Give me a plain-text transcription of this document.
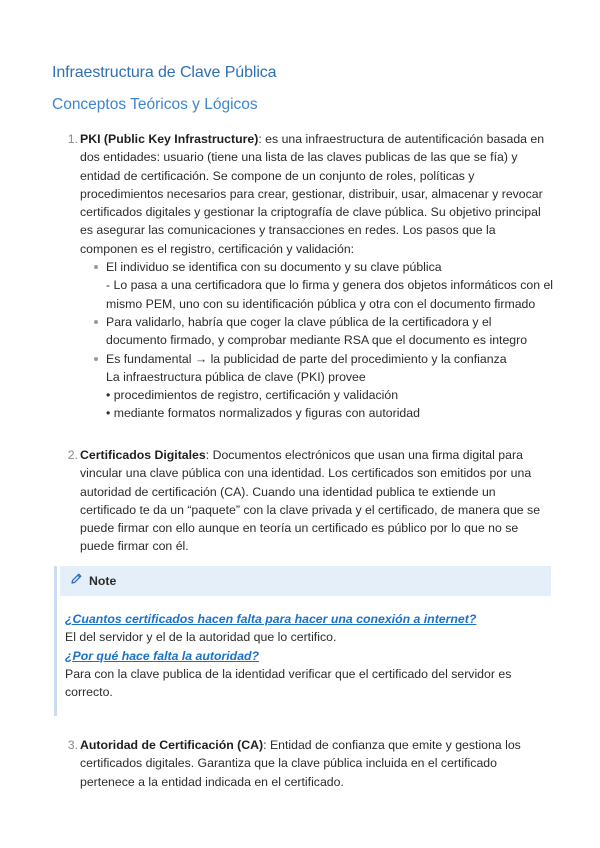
Infraestructura de Clave Pública
Conceptos Teóricos y Lógicos
1. PKI (Public Key Infrastructure): es una infraestructura de autentificación basada en dos entidades: usuario (tiene una lista de las claves publicas de las que se fía) y entidad de certificación. Se compone de un conjunto de roles, políticas y procedimientos necesarios para crear, gestionar, distribuir, usar, almacenar y revocar certificados digitales y gestionar la criptografía de clave pública. Su objetivo principal es asegurar las comunicaciones y transacciones en redes. Los pasos que la componen es el registro, certificación y validación:
El individuo se identifica con su documento y su clave pública
- Lo pasa a una certificadora que lo firma y genera dos objetos informáticos con el mismo PEM, uno con su identificación pública y otra con el documento firmado
Para validarlo, habría que coger la clave pública de la certificadora y el documento firmado, y comprobar mediante RSA que el documento es integro
Es fundamental → la publicidad de parte del procedimiento y la confianza
La infraestructura pública de clave (PKI) provee
• procedimientos de registro, certificación y validación
• mediante formatos normalizados y figuras con autoridad
2. Certificados Digitales: Documentos electrónicos que usan una firma digital para vincular una clave pública con una identidad. Los certificados son emitidos por una autoridad de certificación (CA). Cuando una identidad publica te extiende un certificado te da un “paquete” con la clave privada y el certificado, de manera que se puede firmar con ello aunque en teoría un certificado es público por lo que no se puede firmar con él.
Note
¿Cuantos certificados hacen falta para hacer una conexión a internet?
El del servidor y el de la autoridad que lo certifico.
¿Por qué hace falta la autoridad?
Para con la clave publica de la identidad verificar que el certificado del servidor es correcto.
3. Autoridad de Certificación (CA): Entidad de confianza que emite y gestiona los certificados digitales. Garantiza que la clave pública incluida en el certificado pertenece a la entidad indicada en el certificado.
